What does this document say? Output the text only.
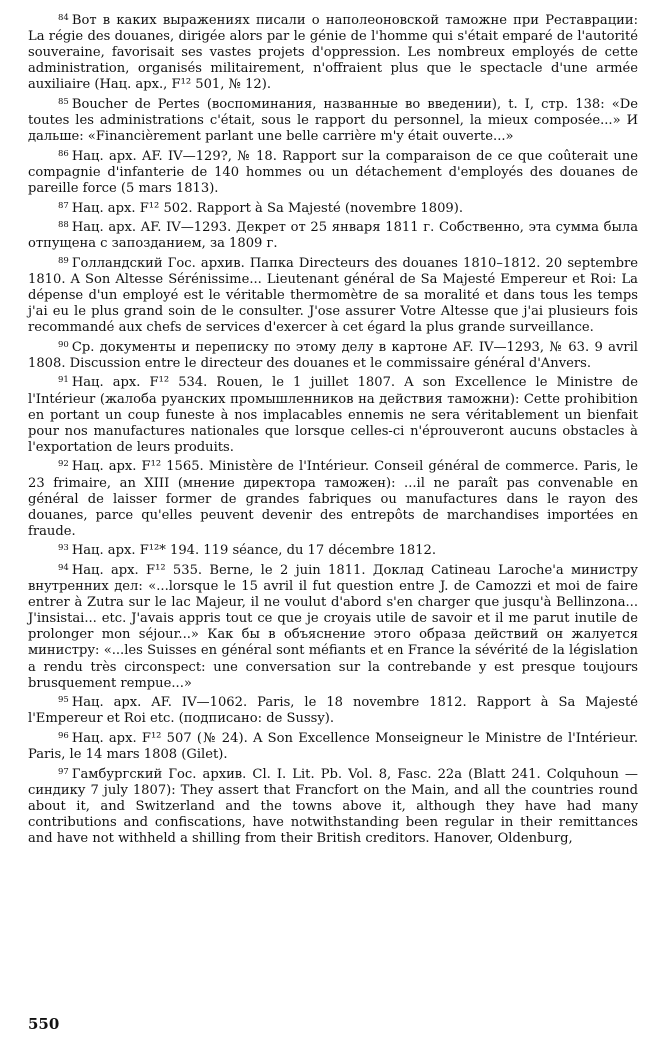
$^{84}$ Вот в каких выражениях писали о наполеоновской таможне при Реставрации: La régie des douanes, dirigée alors par le génie de l'homme qui s'était emparé de l'autorité souveraine, favorisait ses vastes projets d'oppression. Les nombreux employés de cette administration, organisés militairement, n'offraient plus que le spectacle d'une armée auxiliaire (Нац. арх., F¹² 501, № 12).

$^{85}$ Boucher de Pertes (воспоминания, названные во введении), t. I, стр. 138: «De toutes les administrations c'était, sous le rapport du personnel, la mieux composée...» И дальше: «Financièrement parlant une belle carrière m'y était ouverte...»

$^{86}$ Нац. арх. AF. IV—129?, № 18. Rapport sur la comparaison de ce que coûterait une compagnie d'infanterie de 140 hommes ou un détachement d'employés des douanes de pareille force (5 mars 1813).

$^{87}$ Нац. арх. F¹² 502. Rapport à Sa Majesté (novembre 1809).

$^{88}$ Нац. арх. AF. IV—1293. Декрет от 25 января 1811 г. Собственно, эта сумма была отпущена с запозданием, за 1809 г.

$^{89}$ Голландский Гос. архив. Папка Directeurs des douanes 1810–1812. 20 septembre 1810. A Son Altesse Sérénissime... Lieutenant général de Sa Majesté Empereur et Roi: La dépense d'un employé est le véritable thermomètre de sa moralité et dans tous les temps j'ai eu le plus grand soin de le consulter. J'ose assurer Votre Altesse que j'ai plusieurs fois recommandé aux chefs de services d'exercer à cet égard la plus grande surveillance.

$^{90}$ Ср. документы и переписку по этому делу в картоне AF. IV—1293, № 63. 9 avril 1808. Discussion entre le directeur des douanes et le commissaire général d'Anvers.

$^{91}$ Нац. арх. F¹² 534. Rouen, le 1 juillet 1807. A son Excellence le Ministre de l'Intérieur (жалоба руанских промышленников на действия таможни): Cette prohibition en portant un coup funeste à nos implacables ennemis ne sera véritablement un bienfait pour nos manufactures nationales que lorsque celles-ci n'éprouveront aucuns obstacles à l'exportation de leurs produits.

$^{92}$ Нац. арх. F¹² 1565. Ministère de l'Intérieur. Conseil général de commerce. Paris, le 23 frimaire, an XIII (мнение директора таможен): ...il ne paraît pas convenable en général de laisser former de grandes fabriques ou manufactures dans le rayon des douanes, parce qu'elles peuvent devenir des entrepôts de marchandises importées en fraude.

$^{93}$ Нац. арх. F¹²* 194. 119 séance, du 17 décembre 1812.

$^{94}$ Нац. арх. F¹² 535. Berne, le 2 juin 1811. Доклад Catineau Laroche'а министру внутренних дел: «...lorsque le 15 avril il fut question entre J. de Camozzi et moi de faire entrer à Zutra sur le lac Majeur, il ne voulut d'abord s'en charger que jusqu'à Bellinzona... J'insistai... etc. J'avais appris tout ce que je croyais utile de savoir et il me parut inutile de prolonger mon séjour...» Как бы в объяснение этого образа действий он жалуется министру: «...les Suisses en général sont méfiants et en France la sévérité de la législation a rendu très circonspect: une conversation sur la contrebande y est presque toujours brusquement rempue...»

$^{95}$ Нац. арх. AF. IV—1062. Paris, le 18 novembre 1812. Rapport à Sa Majesté l'Empereur et Roi etc. (подписано: de Sussy).

$^{96}$ Нац. арх. F¹² 507 (№ 24). A Son Excellence Monseigneur le Ministre de l'Intérieur. Paris, le 14 mars 1808 (Gilet).

$^{97}$ Гамбургский Гос. архив. Cl. I. Lit. Pb. Vol. 8, Fasc. 22a (Blatt 241. Colquhoun — синдику 7 july 1807): They assert that Francfort on the Main, and all the countries round about it, and Switzerland and the towns above it, although they have had many contributions and confiscations, have notwithstanding been regular in their remittances and have not withheld a shilling from their British creditors. Hanover, Oldenburg,

550
